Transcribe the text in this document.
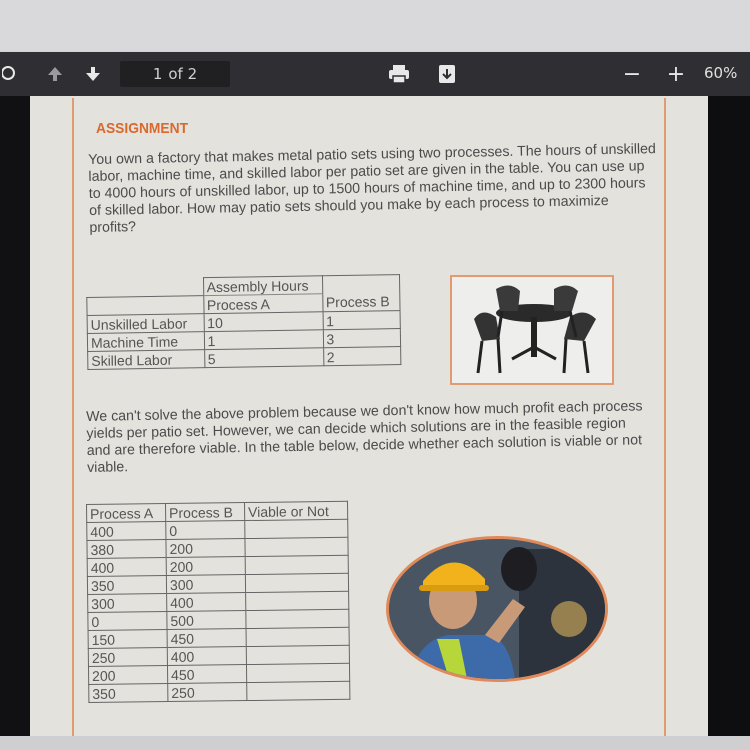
1 of 2	− + 60%
ASSIGNMENT
You own a factory that makes metal patio sets using two processes. The hours of unskilled labor, machine time, and skilled labor per patio set are given in the table. You can use up to 4000 hours of unskilled labor, up to 1500 hours of machine time, and up to 2300 hours of skilled labor. How may patio sets should you make by each process to maximize profits?
	Assembly Hours	
	Process A	Process B
Unskilled Labor	10	1
Machine Time	1	3
Skilled Labor	5	2
We can't solve the above problem because we don't know how much profit each process yields per patio set. However, we can decide which solutions are in the feasible region and are therefore viable. In the table below, decide whether each solution is viable or not viable.
Process A	Process B	Viable or Not
400	0	
380	200	
400	200	
350	300	
300	400	
0	500	
150	450	
250	400	
200	450	
350	250	
